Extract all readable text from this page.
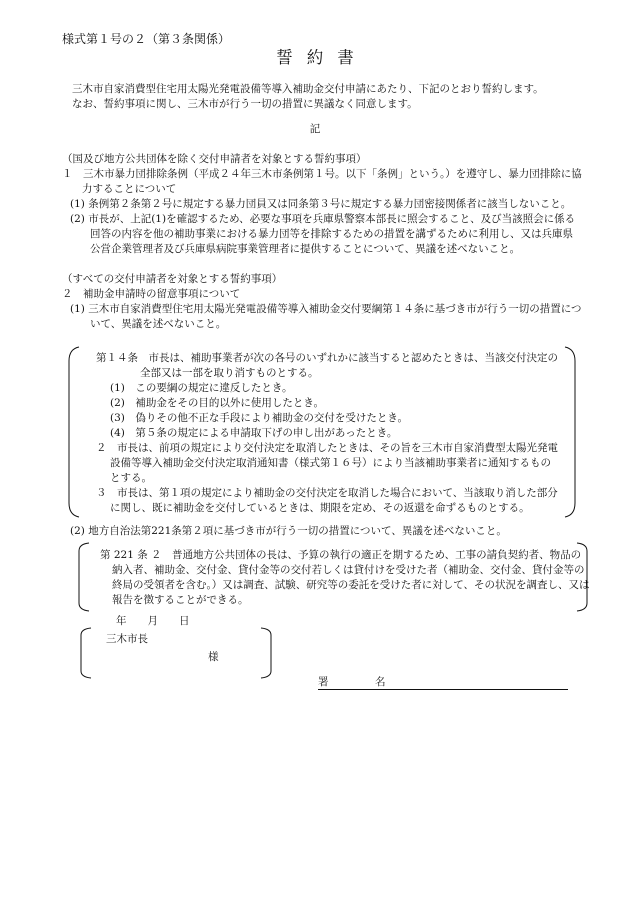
様式第１号の２（第３条関係）
誓約書

三木市自家消費型住宅用太陽光発電設備等導入補助金交付申請にあたり、下記のとおり誓約します。

なお、誓約事項に関し、三木市が行う一切の措置に異議なく同意します。

記
（国及び地方公共団体を除く交付申請者を対象とする誓約事項）
１　三木市暴力団排除条例（平成２４年三木市条例第１号。以下「条例」という。）を遵守し、暴力団排除に協力することについて
(1) 条例第２条第２号に規定する暴力団員又は同条第３号に規定する暴力団密接関係者に該当しないこと。
(2) 市長が、上記(1)を確認するため、必要な事項を兵庫県警察本部長に照会すること、及び当該照会に係る回答の内容を他の補助事業における暴力団等を排除するための措置を講ずるために利用し、又は兵庫県公営企業管理者及び兵庫県病院事業管理者に提供することについて、異議を述べないこと。
（すべての交付申請者を対象とする誓約事項）
２　補助金申請時の留意事項について
(1) 三木市自家消費型住宅用太陽光発電設備等導入補助金交付要綱第１４条に基づき市が行う一切の措置について、異議を述べないこと。
第１４条　市長は、補助事業者が次の各号のいずれかに該当すると認めたときは、当該交付決定の全部又は一部を取り消すものとする。
(1)　この要綱の規定に違反したとき。
(2)　補助金をその目的以外に使用したとき。
(3)　偽りその他不正な手段により補助金の交付を受けたとき。
(4)　第５条の規定による申請取下げの申し出があったとき。
２　市長は、前項の規定により交付決定を取消したときは、その旨を三木市自家消費型太陽光発電設備等導入補助金交付決定取消通知書（様式第１６号）により当該補助事業者に通知するものとする。
３　市長は、第１項の規定により補助金の交付決定を取消した場合において、当該取り消した部分に関し、既に補助金を交付しているときは、期限を定め、その返還を命ずるものとする。
(2) 地方自治法第221条第２項に基づき市が行う一切の措置について、異議を述べないこと。
第 221 条 ２　普通地方公共団体の長は、予算の執行の適正を期するため、工事の請負契約者、物品の納入者、補助金、交付金、貸付金等の交付若しくは貸付けを受けた者（補助金、交付金、貸付金等の終局の受領者を含む。）又は調査、試験、研究等の委託を受けた者に対して、その状況を調査し、又は報告を徴することができる。
年　　月　　日
三木市長
様
署　名
